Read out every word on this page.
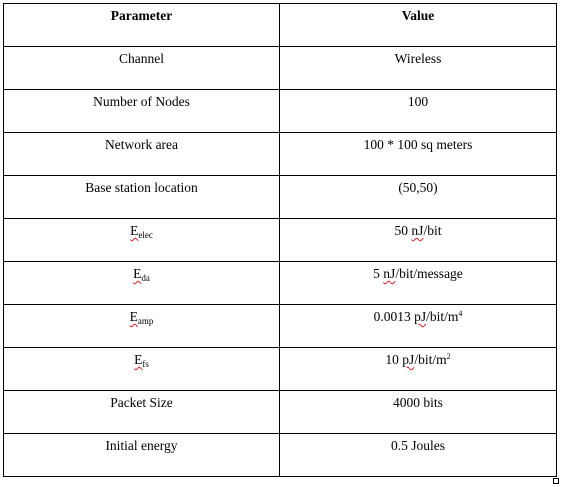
Parameter	Value
Channel	Wireless
Number of Nodes	100
Network area	100 * 100 sq meters
Base station location	(50,50)
$E_{elec}$	50 nJ/bit
$E_{da}$	5 nJ/bit/message
$E_{amp}$	0.0013 $pJ/bit/m^4$
$E_{fs}$	10 $pJ/bit/m^2$
Packet Size	4000 bits
Initial energy	0.5 Joules
